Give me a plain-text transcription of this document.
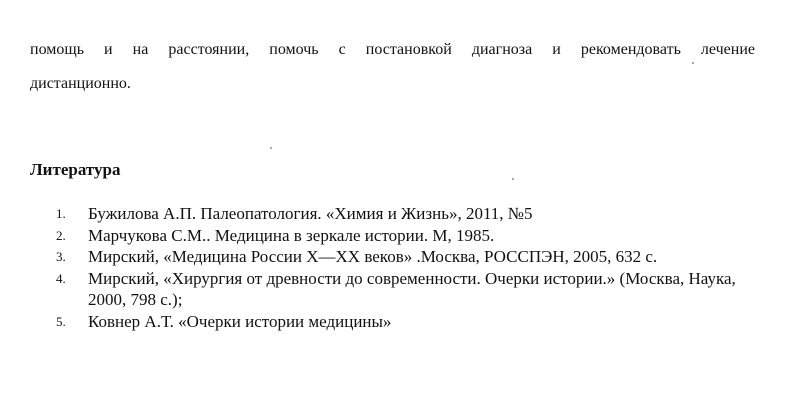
помощь и на расстоянии, помочь с постановкой диагноза и рекомендовать лечение
дистанционно.
Литература
1. Бужилова А.П. Палеопатология. «Химия и Жизнь», 2011, №5
2. Марчукова С.М.. Медицина в зеркале истории. М, 1985.
3. Мирский, «Медицина России Х—ХХ веков» .Москва, РОССПЭН, 2005, 632 с.
4. Мирский, «Хирургия от древности до современности. Очерки истории.» (Москва, Наука, 2000, 798 с.);
5. Ковнер А.Т. «Очерки истории медицины»
